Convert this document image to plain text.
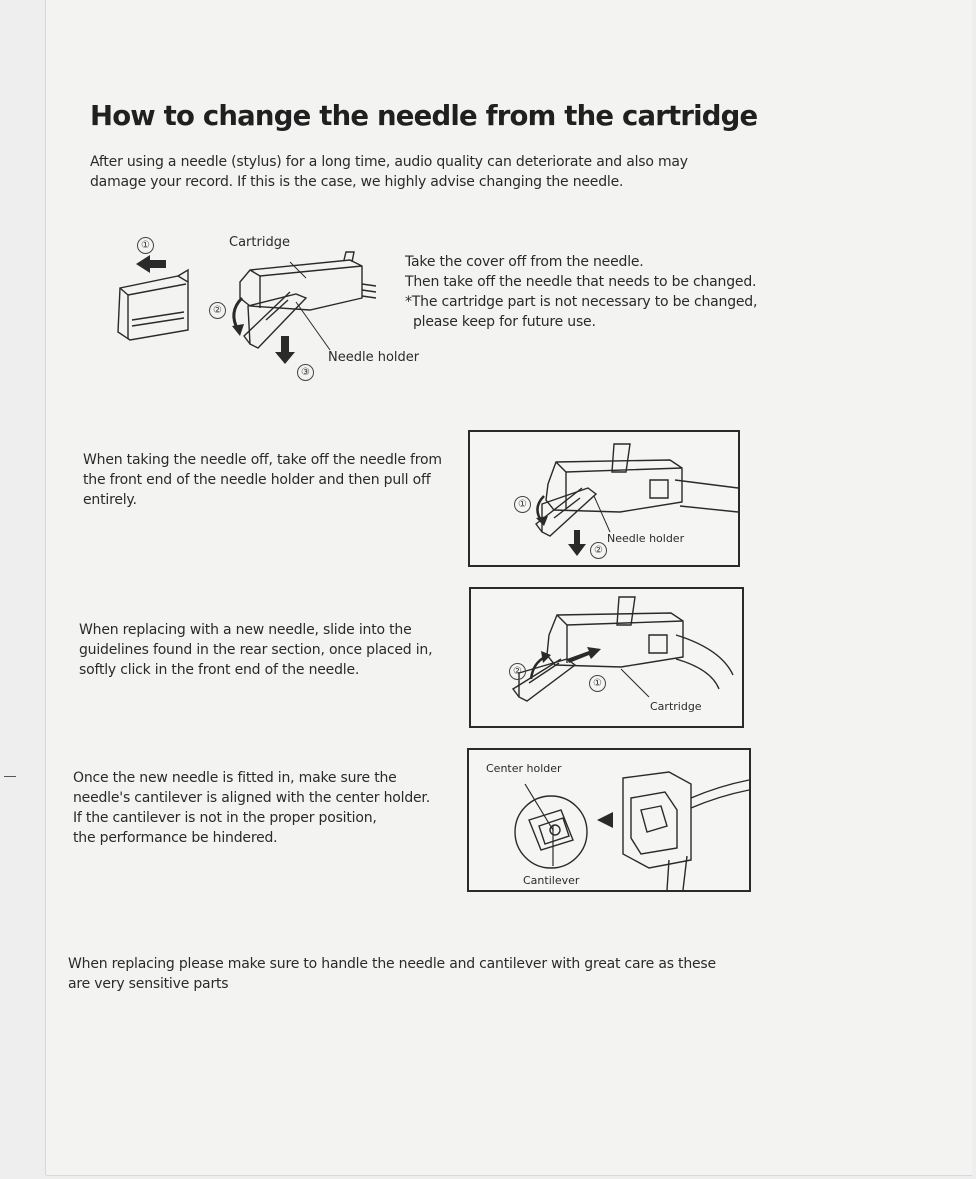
How to change the needle from the cartridge
After using a needle (stylus) for a long time, audio quality can deteriorate and also may
damage your record. If this is the case, we highly advise changing the needle.
①
②
③
Cartridge
Needle holder
Take the cover off from the needle.
Then take off the needle that needs to be changed.
*The cartridge part is not necessary to be changed,
please keep for future use.
When taking the needle off, take off the needle from
the front end of the needle holder and then pull off
entirely.	①
②
Needle holder
When replacing with a new needle, slide into the
guidelines found in the rear section, once placed in,
softly click in the front end of the needle.	②
①
Cartridge
Once the new needle is fitted in, make sure the
needle's cantilever is aligned with the center holder.
If the cantilever is not in the proper position,
the performance be hindered.
Center holder
Cantilever
When replacing please make sure to handle the needle and cantilever with great care as these
are very sensitive parts
